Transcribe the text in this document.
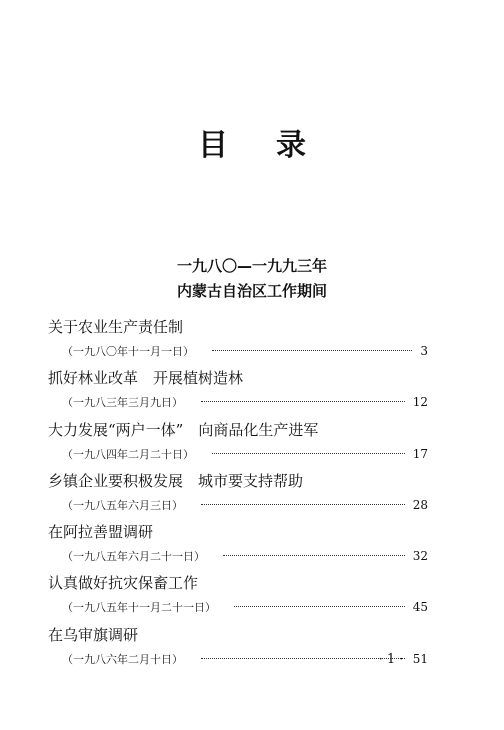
目录
一九八〇—一九九三年
内蒙古自治区工作期间
关于农业生产责任制
（一九八〇年十一月一日）	3
抓好林业改革　开展植树造林
（一九八三年三月九日）	12
大力发展“两户一体”　向商品化生产进军
（一九八四年二月二十日）	17
乡镇企业要积极发展　城市要支持帮助
（一九八五年六月三日）	28
在阿拉善盟调研
（一九八五年六月二十一日）	32
认真做好抗灾保畜工作
（一九八五年十一月二十一日）	45
在乌审旗调研
（一九八六年二月十日）	51
· 1 ·
